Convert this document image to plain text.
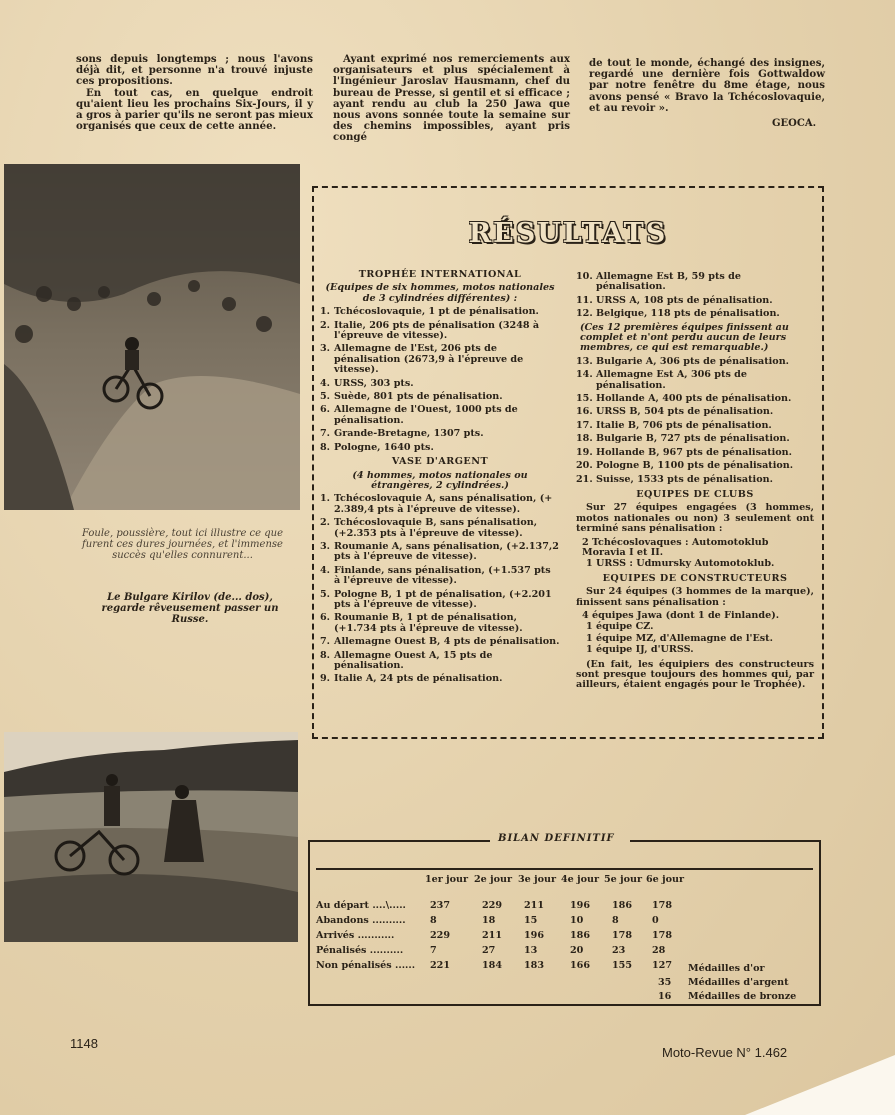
sons depuis longtemps ; nous l'avons déjà dit, et personne n'a trouvé injuste ces propositions.

En tout cas, en quelque endroit qu'aient lieu les prochains Six-Jours, il y a gros à parier qu'ils ne seront pas mieux organisés que ceux de cette année.

Ayant exprimé nos remerciements aux organisateurs et plus spécialement à l'Ingénieur Jaroslav Hausmann, chef du bureau de Presse, si gentil et si efficace ; ayant rendu au club la 250 Jawa que nous avons sonnée toute la semaine sur des chemins impossibles, ayant pris congé

de tout le monde, échangé des insignes, regardé une dernière fois Gottwaldow par notre fenêtre du 8me étage, nous avons pensé « Bravo la Tchécoslovaquie, et au revoir ».

GEOCA.
Foule, poussière, tout ici illustre ce que furent ces dures journées, et l'immense succès qu'elles connurent...
Le Bulgare Kirilov (de... dos), regarde rêveusement passer un Russe.
RÉSULTATS
TROPHÉE INTERNATIONAL

(Equipes de six hommes, motos nationales de 3 cylindrées différentes) :

1. Tchécoslovaquie, 1 pt de pénalisation.
2. Italie, 206 pts de pénalisation (3248 à l'épreuve de vitesse).
3. Allemagne de l'Est, 206 pts de pénalisation (2673,9 à l'épreuve de vitesse).
4. URSS, 303 pts.
5. Suède, 801 pts de pénalisation.
6. Allemagne de l'Ouest, 1000 pts de pénalisation.
7. Grande-Bretagne, 1307 pts.
8. Pologne, 1640 pts.
VASE D'ARGENT

(4 hommes, motos nationales ou étrangères, 2 cylindrées.)

1. Tchécoslovaquie A, sans pénalisation, (+ 2.389,4 pts à l'épreuve de vitesse).
2. Tchécoslovaquie B, sans pénalisation, (+2.353 pts à l'épreuve de vitesse).
3. Roumanie A, sans pénalisation, (+2.137,2 pts à l'épreuve de vitesse).
4. Finlande, sans pénalisation, (+1.537 pts à l'épreuve de vitesse).
5. Pologne B, 1 pt de pénalisation, (+2.201 pts à l'épreuve de vitesse).
6. Roumanie B, 1 pt de pénalisation, (+1.734 pts à l'épreuve de vitesse).
7. Allemagne Ouest B, 4 pts de pénalisation.
8. Allemagne Ouest A, 15 pts de pénalisation.
9. Italie A, 24 pts de pénalisation.
10. Allemagne Est B, 59 pts de pénalisation.
11. URSS A, 108 pts de pénalisation.
12. Belgique, 118 pts de pénalisation.

(Ces 12 premières équipes finissent au complet et n'ont perdu aucun de leurs membres, ce qui est remarquable.)

13. Bulgarie A, 306 pts de pénalisation.
14. Allemagne Est A, 306 pts de pénalisation.
15. Hollande A, 400 pts de pénalisation.
16. URSS B, 504 pts de pénalisation.
17. Italie B, 706 pts de pénalisation.
18. Bulgarie B, 727 pts de pénalisation.
19. Hollande B, 967 pts de pénalisation.
20. Pologne B, 1100 pts de pénalisation.
21. Suisse, 1533 pts de pénalisation.
EQUIPES DE CLUBS

Sur 27 équipes engagées (3 hommes, motos nationales ou non) 3 seulement ont terminé sans pénalisation :

2 Tchécoslovaques : Automotoklub Moravia I et II.

1 URSS : Udmursky Automotoklub.

EQUIPES DE CONSTRUCTEURS

Sur 24 équipes (3 hommes de la marque), finissent sans pénalisation :

4 équipes Jawa (dont 1 de Finlande).

1 équipe CZ.

1 équipe MZ, d'Allemagne de l'Est.

1 équipe IJ, d'URSS.

(En fait, les équipiers des constructeurs sont presque toujours des hommes qui, par ailleurs, étaient engagés pour le Trophée).

BILAN DEFINITIF
1er jour 2e jour 3e jour 4e jour 5e jour 6e jour
Au départ ....\.....	237	229 211	196 186 178
Abandons ..........	8	18	15	10	8	0
Arrivés ...........	229	211 196	186 178 178
Pénalisés ..........	7	27	13	20	23	28
Non pénalisés ...... 221	184 183	166 155 127 Médailles d'or
35 Médailles d'argent
16 Médailles de bronze
1148
Moto-Revue N° 1.462
